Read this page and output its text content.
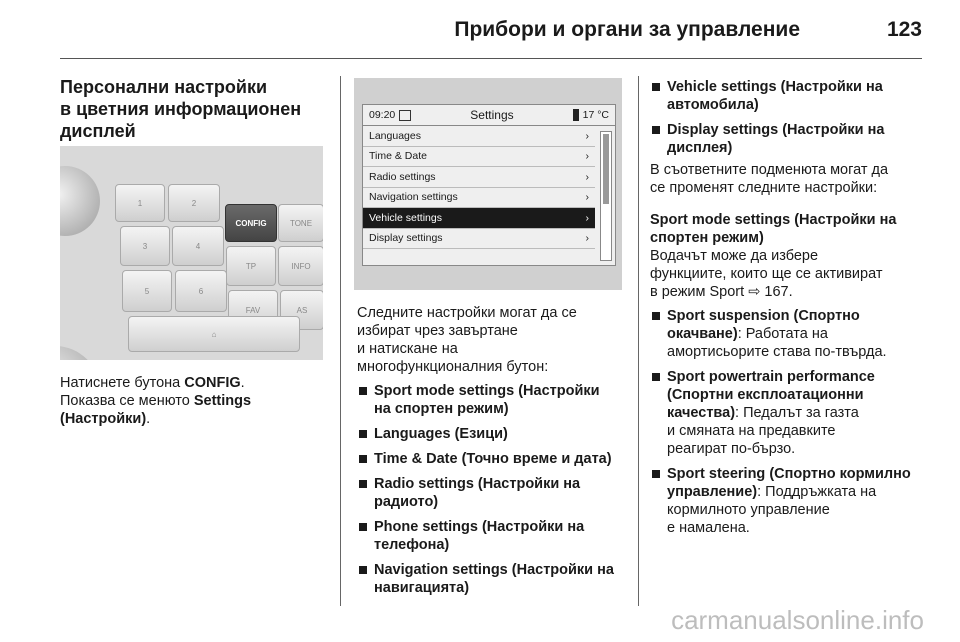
Прибори и органи за управление	123
Персонални настройки
в цветния информационен
дисплей
1	2
3	4
5	6
CONFIG	TONE
TP	INFO
FAV	AS
⌂
Натиснете бутона CONFIG.
Показва се менюто Settings
(Настройки).
09:20	Settings	17 °C
Languages	›
Time & Date	›
Radio settings	›
Navigation settings	›
Vehicle settings	›
Display settings	›
Следните настройки могат да се
избират чрез завъртане
и натискане на
многофункционалния бутон:
Sport mode settings (Настройки
на спортен режим)
Languages (Езици)
Time & Date (Точно време и дата)
Radio settings (Настройки на
радиото)
Phone settings (Настройки на
телефона)
Navigation settings (Настройки на
навигацията)
Vehicle settings (Настройки на
автомобила)
Display settings (Настройки на
дисплея)
В съответните подменюта могат да
се променят следните настройки:
Sport mode settings (Настройки на
спортен режим)
Водачът може да избере
функциите, които ще се активират
в режим Sport ⇨ 167.
Sport suspension (Спортно
окачване): Работата на
амортисьорите става по-твърда.
Sport powertrain performance
(Спортни експлоатационни
качества): Педалът за газта
и смяната на предавките
реагират по-бързо.
Sport steering (Спортно кормилно
управление): Поддръжката на
кормилното управление
е намалена.
carmanualsonline.info
